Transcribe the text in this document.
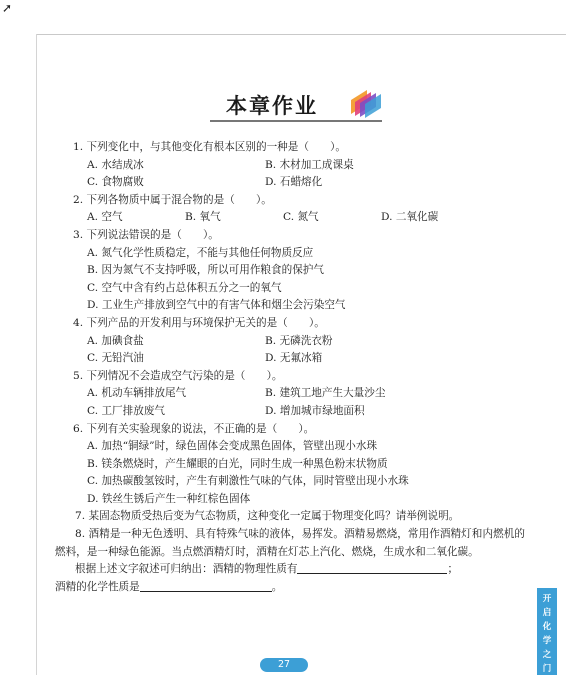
➚
本章作业
1. 下列变化中，与其他变化有根本区别的一种是（　　）。
A. 水结成冰	B. 木材加工成课桌
C. 食物腐败	D. 石蜡熔化
2. 下列各物质中属于混合物的是（　　）。
A. 空气	B. 氧气	C. 氮气	D. 二氧化碳
3. 下列说法错误的是（　　）。
A. 氮气化学性质稳定，不能与其他任何物质反应
B. 因为氮气不支持呼吸，所以可用作粮食的保护气
C. 空气中含有约占总体积五分之一的氧气
D. 工业生产排放到空气中的有害气体和烟尘会污染空气
4. 下列产品的开发利用与环境保护无关的是（　　）。
A. 加碘食盐	B. 无磷洗衣粉
C. 无铅汽油	D. 无氟冰箱
5. 下列情况不会造成空气污染的是（　　）。
A. 机动车辆排放尾气	B. 建筑工地产生大量沙尘
C. 工厂排放废气	D. 增加城市绿地面积
6. 下列有关实验现象的说法，不正确的是（　　）。
A. 加热“铜绿”时，绿色固体会变成黑色固体，管壁出现小水珠
B. 镁条燃烧时，产生耀眼的白光，同时生成一种黑色粉末状物质
C. 加热碳酸氢铵时，产生有刺激性气味的气体，同时管壁出现小水珠
D. 铁丝生锈后产生一种红棕色固体
7. 某固态物质受热后变为气态物质，这种变化一定属于物理变化吗？请举例说明。
8. 酒精是一种无色透明、具有特殊气味的液体，易挥发。酒精易燃烧，常用作酒精灯和内燃机的燃料，是一种绿色能源。当点燃酒精灯时，酒精在灯芯上汽化、燃烧，生成水和二氧化碳。
根据上述文字叙述可归纳出：酒精的物理性质有	；
酒精的化学性质是	。
开
启
化
学
之
门
27
